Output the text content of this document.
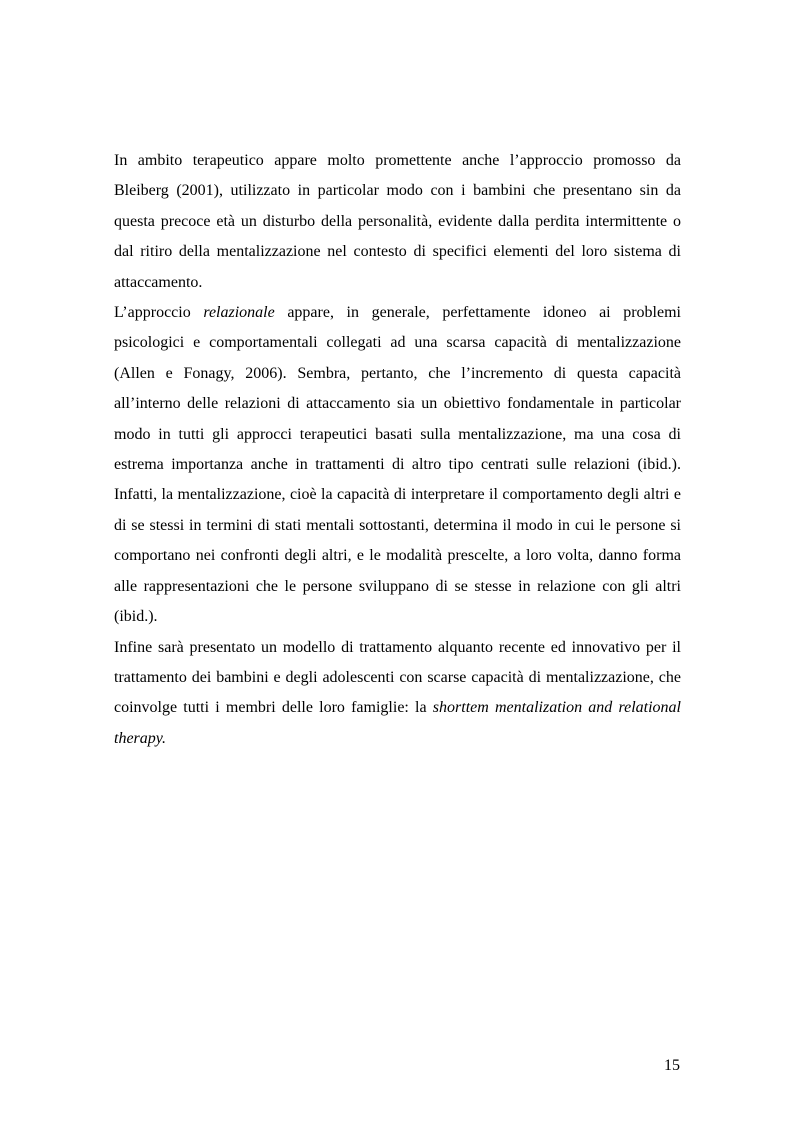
In ambito terapeutico appare molto promettente anche l’approccio promosso da Bleiberg (2001), utilizzato in particolar modo con i bambini che presentano sin da questa precoce età un disturbo della personalità, evidente dalla perdita intermittente o dal ritiro della mentalizzazione nel contesto di specifici elementi del loro sistema di attaccamento.

L’approccio relazionale appare, in generale, perfettamente idoneo ai problemi psicologici e comportamentali collegati ad una scarsa capacità di mentalizzazione (Allen e Fonagy, 2006). Sembra, pertanto, che l’incremento di questa capacità all’interno delle relazioni di attaccamento sia un obiettivo fondamentale in particolar modo in tutti gli approcci terapeutici basati sulla mentalizzazione, ma una cosa di estrema importanza anche in trattamenti di altro tipo centrati sulle relazioni (ibid.). Infatti, la mentalizzazione, cioè la capacità di interpretare il comportamento degli altri e di se stessi in termini di stati mentali sottostanti, determina il modo in cui le persone si comportano nei confronti degli altri, e le modalità prescelte, a loro volta, danno forma alle rappresentazioni che le persone sviluppano di se stesse in relazione con gli altri (ibid.).

Infine sarà presentato un modello di trattamento alquanto recente ed innovativo per il trattamento dei bambini e degli adolescenti con scarse capacità di mentalizzazione, che coinvolge tutti i membri delle loro famiglie: la shorttem mentalization and relational therapy.

15
